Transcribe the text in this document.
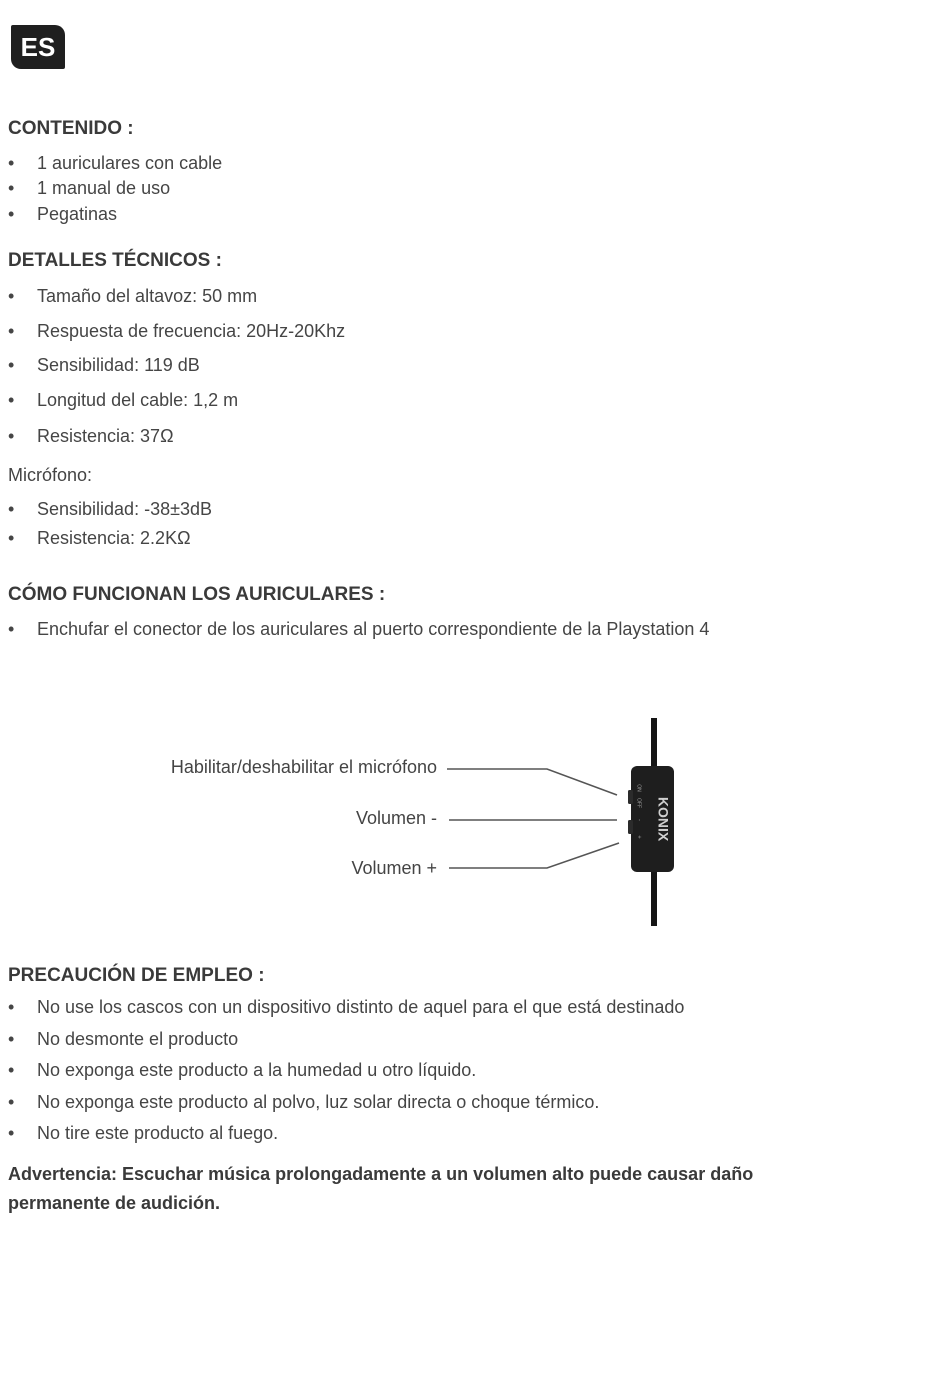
ES
CONTENIDO :
• 1 auriculares con cable
• 1 manual de uso
• Pegatinas
DETALLES TÉCNICOS :
• Tamaño del altavoz: 50 mm
• Respuesta de frecuencia: 20Hz-20Khz
• Sensibilidad: 119 dB
• Longitud del cable: 1,2 m
• Resistencia: 37Ω

Micrófono:

• Sensibilidad: -38±3dB
• Resistencia: 2.2KΩ
CÓMO FUNCIONAN LOS AURICULARES :
• Enchufar el conector de los auriculares al puerto correspondiente de la Playstation 4
Habilitar/deshabilitar el micrófono
Volumen -
Volumen +
KONIX
ON
OFF
-
+
PRECAUCIÓN DE EMPLEO :
• No use los cascos con un dispositivo distinto de aquel para el que está destinado
• No desmonte el producto
• No exponga este producto a la humedad u otro líquido.
• No exponga este producto al polvo, luz solar directa o choque térmico.
• No tire este producto al fuego.

Advertencia: Escuchar música prolongadamente a un volumen alto puede causar daño permanente de audición.
